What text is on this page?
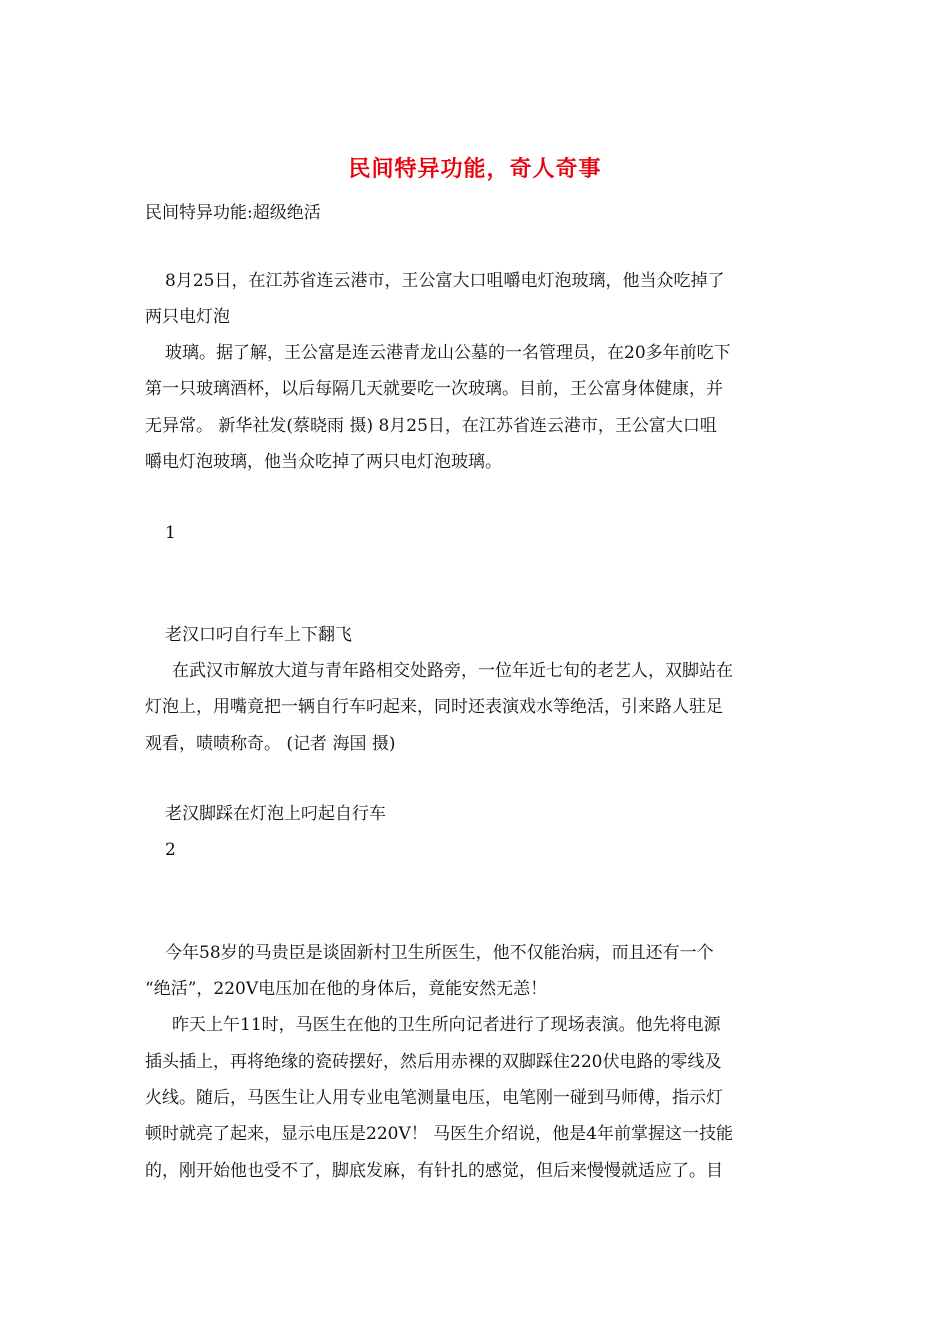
民间特异功能，奇人奇事
民间特异功能:超级绝活
8月25日，在江苏省连云港市，王公富大口咀嚼电灯泡玻璃，他当众吃掉了
两只电灯泡
玻璃。据了解，王公富是连云港青龙山公墓的一名管理员，在20多年前吃下
第一只玻璃酒杯，以后每隔几天就要吃一次玻璃。目前，王公富身体健康，并
无异常。 新华社发(蔡晓雨 摄) 8月25日，在江苏省连云港市，王公富大口咀
嚼电灯泡玻璃，他当众吃掉了两只电灯泡玻璃。
1
老汉口叼自行车上下翻飞
在武汉市解放大道与青年路相交处路旁，一位年近七旬的老艺人，双脚站在
灯泡上，用嘴竟把一辆自行车叼起来，同时还表演戏水等绝活，引来路人驻足
观看，啧啧称奇。 (记者 海国 摄)
老汉脚踩在灯泡上叼起自行车
2
今年58岁的马贵臣是谈固新村卫生所医生，他不仅能治病，而且还有一个
“绝活”，220V电压加在他的身体后，竟能安然无恙！
昨天上午11时，马医生在他的卫生所向记者进行了现场表演。他先将电源
插头插上，再将绝缘的瓷砖摆好，然后用赤裸的双脚踩住220伏电路的零线及
火线。随后，马医生让人用专业电笔测量电压，电笔刚一碰到马师傅，指示灯
顿时就亮了起来，显示电压是220V！ 马医生介绍说，他是4年前掌握这一技能
的，刚开始他也受不了，脚底发麻，有针扎的感觉，但后来慢慢就适应了。目
